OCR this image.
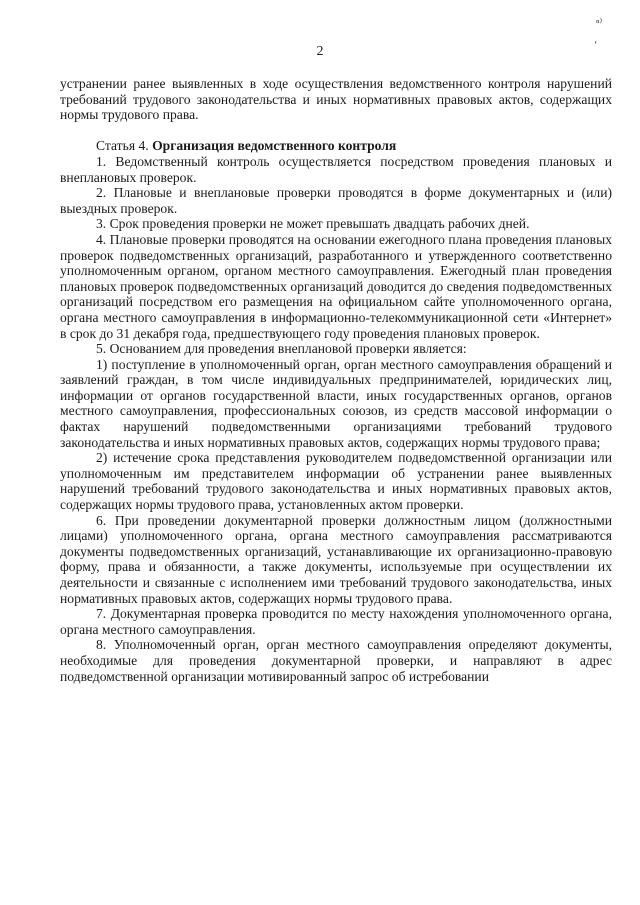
ⁿ⁾
ʻ
2

устранении ранее выявленных в ходе осуществления ведомственного контроля нарушений требований трудового законодательства и иных нормативных правовых актов, содержащих нормы трудового права.

Статья 4. Организация ведомственного контроля

1. Ведомственный контроль осуществляется посредством проведения плановых и внеплановых проверок.

2. Плановые и внеплановые проверки проводятся в форме документарных и (или) выездных проверок.

3. Срок проведения проверки не может превышать двадцать рабочих дней.

4. Плановые проверки проводятся на основании ежегодного плана проведения плановых проверок подведомственных организаций, разработанного и утвержденного соответственно уполномоченным органом, органом местного самоуправления. Ежегодный план проведения плановых проверок подведомственных организаций доводится до сведения подведомственных организаций посредством его размещения на официальном сайте уполномоченного органа, органа местного самоуправления в информационно-телекоммуникационной сети «Интернет» в срок до 31 декабря года, предшествующего году проведения плановых проверок.

5. Основанием для проведения внеплановой проверки является:

1) поступление в уполномоченный орган, орган местного самоуправления обращений и заявлений граждан, в том числе индивидуальных предпринимателей, юридических лиц, информации от органов государственной власти, иных государственных органов, органов местного самоуправления, профессиональных союзов, из средств массовой информации о фактах нарушений подведомственными организациями требований трудового законодательства и иных нормативных правовых актов, содержащих нормы трудового права;

2) истечение срока представления руководителем подведомственной организации или уполномоченным им представителем информации об устранении ранее выявленных нарушений требований трудового законодательства и иных нормативных правовых актов, содержащих нормы трудового права, установленных актом проверки.

6. При проведении документарной проверки должностным лицом (должностными лицами) уполномоченного органа, органа местного самоуправления рассматриваются документы подведомственных организаций, устанавливающие их организационно-правовую форму, права и обязанности, а также документы, используемые при осуществлении их деятельности и связанные с исполнением ими требований трудового законодательства, иных нормативных правовых актов, содержащих нормы трудового права.

7. Документарная проверка проводится по месту нахождения уполномоченного органа, органа местного самоуправления.

8. Уполномоченный орган, орган местного самоуправления определяют документы, необходимые для проведения документарной проверки, и направляют в адрес подведомственной организации мотивированный запрос об истребовании
